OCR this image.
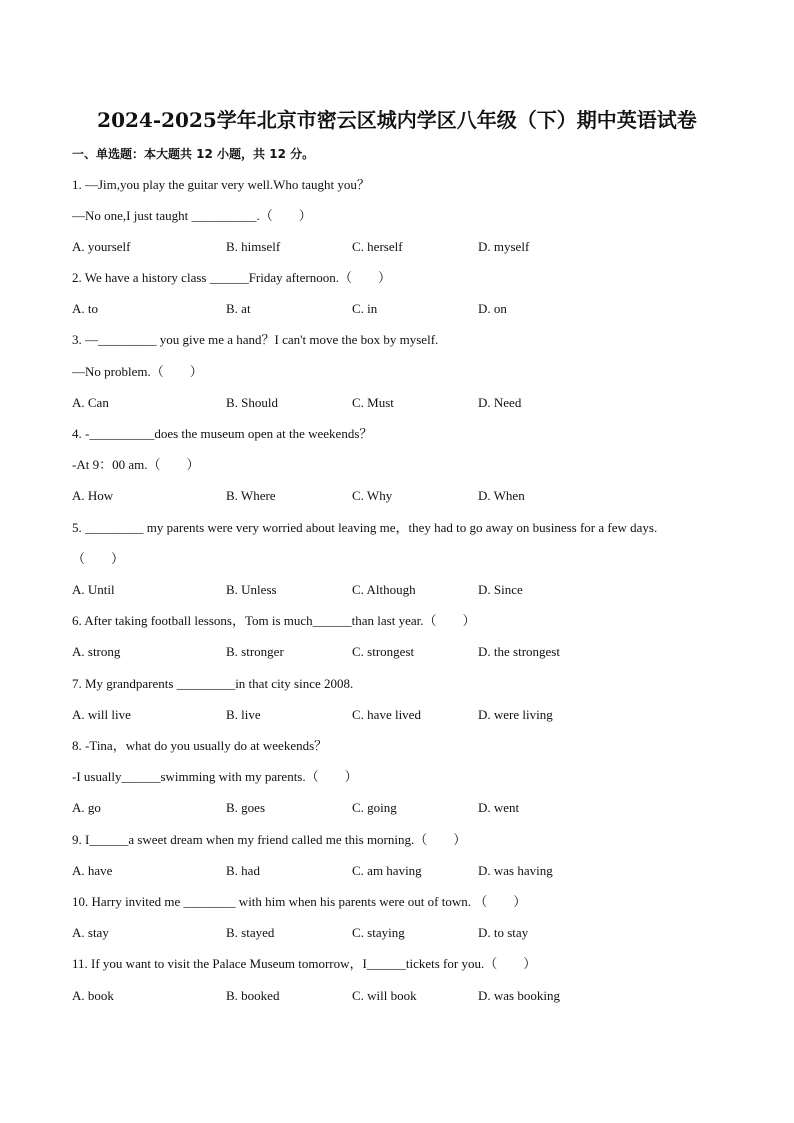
2024-2025学年北京市密云区城内学区八年级（下）期中英语试卷
一、单选题：本大题共 12 小题，共 12 分。
1. —Jim,you play the guitar very well.Who taught you？
—No one,I just taught __________.（　　）
A. yourself	B. himself	C. herself	D. myself
2. We have a history class ______Friday afternoon.（　　）
A. to	B. at	C. in	D. on
3. —_________ you give me a hand？I can't move the box by myself.
—No problem.（　　）
A. Can	B. Should	C. Must	D. Need
4. -__________does the museum open at the weekends？
-At 9：00 am.（　　）
A. How	B. Where	C. Why	D. When
5. _________ my parents were very worried about leaving me，they had to go away on business for a few days.
（　　）
A. Until	B. Unless	C. Although	D. Since
6. After taking football lessons，Tom is much______than last year.（　　）
A. strong	B. stronger	C. strongest	D. the strongest
7. My grandparents _________in that city since 2008.
A. will live	B. live	C. have lived	D. were living
8. -Tina，what do you usually do at weekends？
-I usually______swimming with my parents.（　　）
A. go	B. goes	C. going	D. went
9. I______a sweet dream when my friend called me this morning.（　　）
A. have	B. had	C. am having	D. was having
10. Harry invited me ________ with him when his parents were out of town. （　　）
A. stay	B. stayed	C. staying	D. to stay
11. If you want to visit the Palace Museum tomorrow，I______tickets for you.（　　）
A. book	B. booked	C. will book	D. was booking
